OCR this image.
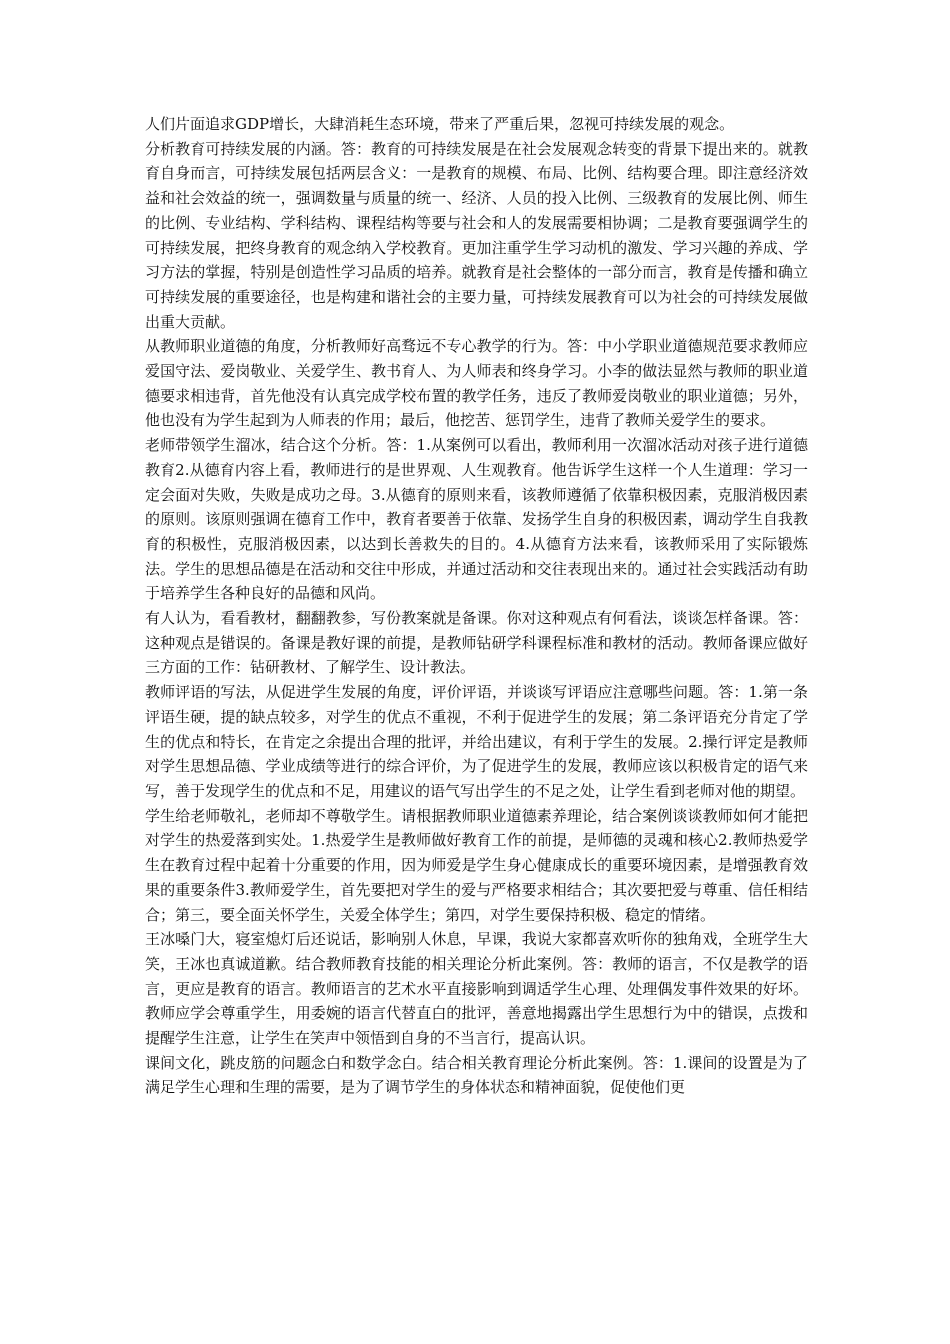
人们片面追求GDP增长，大肆消耗生态环境，带来了严重后果，忽视可持续发展的观念。

分析教育可持续发展的内涵。答：教育的可持续发展是在社会发展观念转变的背景下提出来的。就教育自身而言，可持续发展包括两层含义：一是教育的规模、布局、比例、结构要合理。即注意经济效益和社会效益的统一，强调数量与质量的统一、经济、人员的投入比例、三级教育的发展比例、师生的比例、专业结构、学科结构、课程结构等要与社会和人的发展需要相协调；二是教育要强调学生的可持续发展，把终身教育的观念纳入学校教育。更加注重学生学习动机的激发、学习兴趣的养成、学习方法的掌握，特别是创造性学习品质的培养。就教育是社会整体的一部分而言，教育是传播和确立可持续发展的重要途径，也是构建和谐社会的主要力量，可持续发展教育可以为社会的可持续发展做出重大贡献。

从教师职业道德的角度，分析教师好高骛远不专心教学的行为。答：中小学职业道德规范要求教师应爱国守法、爱岗敬业、关爱学生、教书育人、为人师表和终身学习。小李的做法显然与教师的职业道德要求相违背，首先他没有认真完成学校布置的教学任务，违反了教师爱岗敬业的职业道德；另外，他也没有为学生起到为人师表的作用；最后，他挖苦、惩罚学生，违背了教师关爱学生的要求。

老师带领学生溜冰，结合这个分析。答：1.从案例可以看出，教师利用一次溜冰活动对孩子进行道德教育2.从德育内容上看，教师进行的是世界观、人生观教育。他告诉学生这样一个人生道理：学习一定会面对失败，失败是成功之母。3.从德育的原则来看，该教师遵循了依靠积极因素，克服消极因素的原则。该原则强调在德育工作中，教育者要善于依靠、发扬学生自身的积极因素，调动学生自我教育的积极性，克服消极因素，以达到长善救失的目的。4.从德育方法来看，该教师采用了实际锻炼法。学生的思想品德是在活动和交往中形成，并通过活动和交往表现出来的。通过社会实践活动有助于培养学生各种良好的品德和风尚。

有人认为，看看教材，翻翻教参，写份教案就是备课。你对这种观点有何看法，谈谈怎样备课。答：这种观点是错误的。备课是教好课的前提，是教师钻研学科课程标准和教材的活动。教师备课应做好三方面的工作：钻研教材、了解学生、设计教法。

教师评语的写法，从促进学生发展的角度，评价评语，并谈谈写评语应注意哪些问题。答：1.第一条评语生硬，提的缺点较多，对学生的优点不重视，不利于促进学生的发展；第二条评语充分肯定了学生的优点和特长，在肯定之余提出合理的批评，并给出建议，有利于学生的发展。2.操行评定是教师对学生思想品德、学业成绩等进行的综合评价，为了促进学生的发展，教师应该以积极肯定的语气来写，善于发现学生的优点和不足，用建议的语气写出学生的不足之处，让学生看到老师对他的期望。

学生给老师敬礼，老师却不尊敬学生。请根据教师职业道德素养理论，结合案例谈谈教师如何才能把对学生的热爱落到实处。1.热爱学生是教师做好教育工作的前提，是师德的灵魂和核心2.教师热爱学生在教育过程中起着十分重要的作用，因为师爱是学生身心健康成长的重要环境因素，是增强教育效果的重要条件3.教师爱学生，首先要把对学生的爱与严格要求相结合；其次要把爱与尊重、信任相结合；第三，要全面关怀学生，关爱全体学生；第四，对学生要保持积极、稳定的情绪。

王冰嗓门大，寝室熄灯后还说话，影响别人休息，早课，我说大家都喜欢听你的独角戏，全班学生大笑，王冰也真诚道歉。结合教师教育技能的相关理论分析此案例。答：教师的语言，不仅是教学的语言，更应是教育的语言。教师语言的艺术水平直接影响到调适学生心理、处理偶发事件效果的好坏。教师应学会尊重学生，用委婉的语言代替直白的批评，善意地揭露出学生思想行为中的错误，点拨和提醒学生注意，让学生在笑声中领悟到自身的不当言行，提高认识。

课间文化，跳皮筋的问题念白和数学念白。结合相关教育理论分析此案例。答：1.课间的设置是为了满足学生心理和生理的需要，是为了调节学生的身体状态和精神面貌，促使他们更
